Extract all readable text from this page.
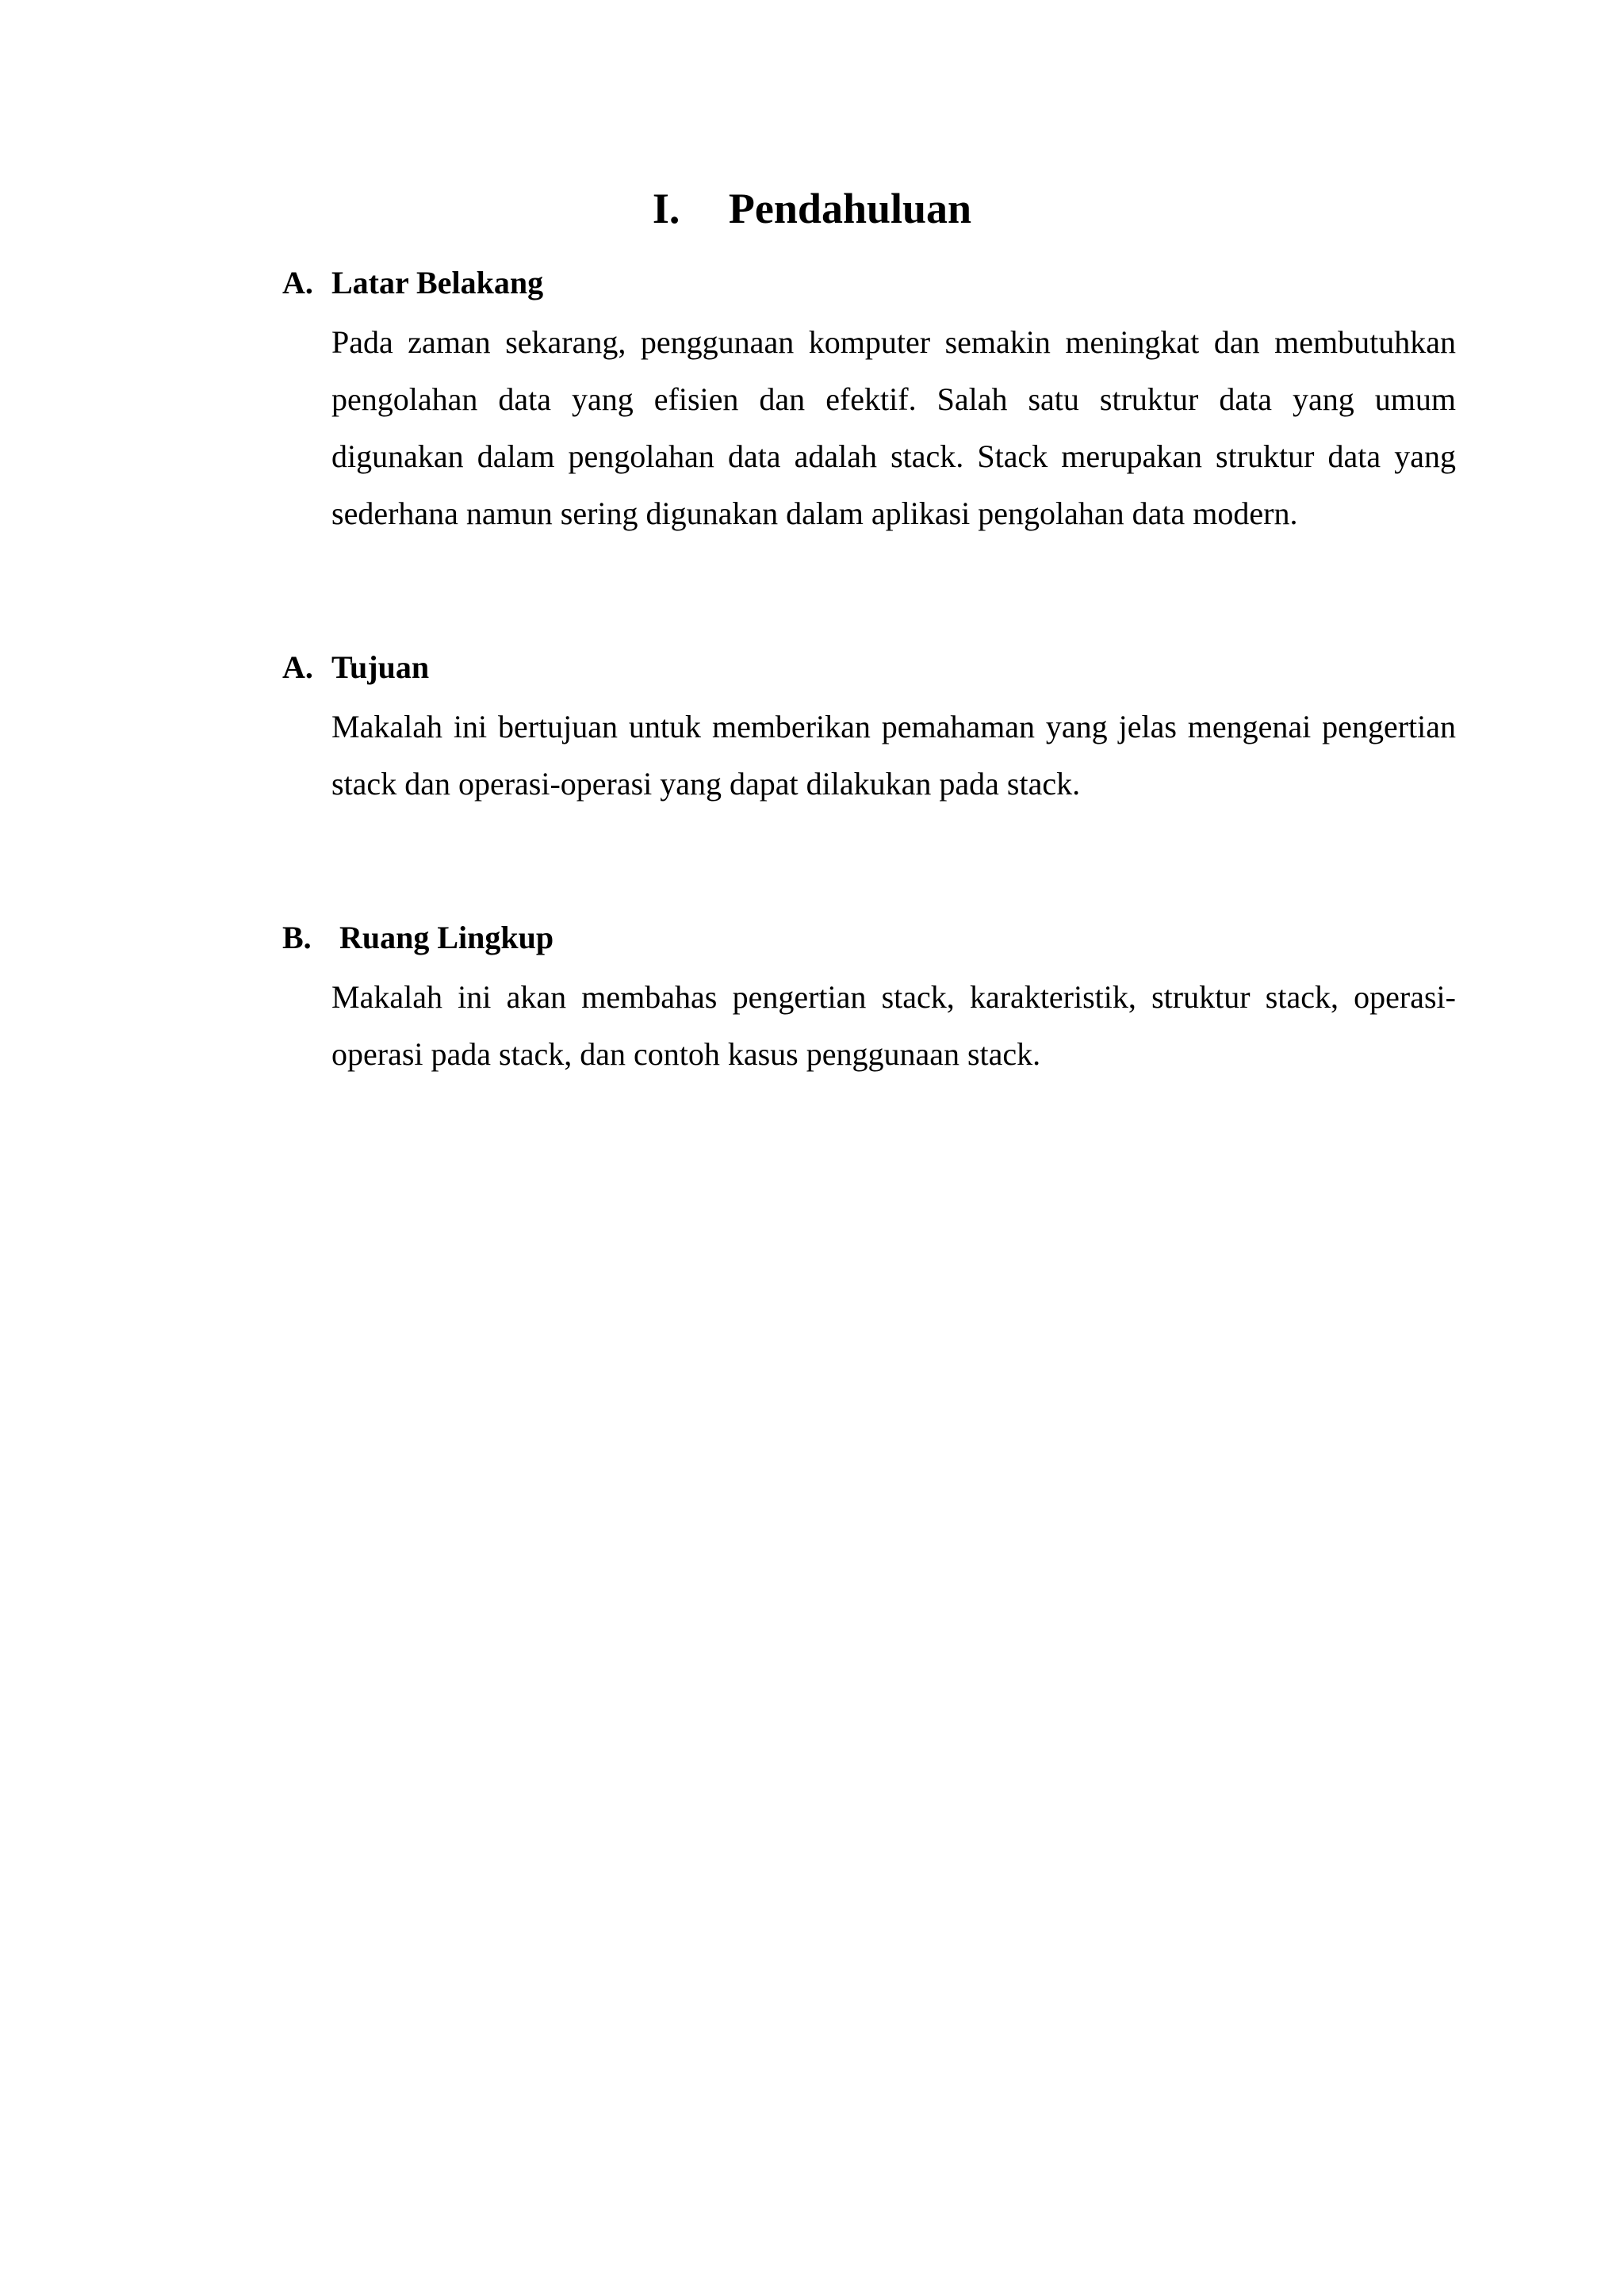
I. Pendahuluan
A. Latar Belakang
Pada zaman sekarang, penggunaan komputer semakin meningkat dan membutuhkan pengolahan data yang efisien dan efektif. Salah satu struktur data yang umum digunakan dalam pengolahan data adalah stack. Stack merupakan struktur data yang sederhana namun sering digunakan dalam aplikasi pengolahan data modern.
A. Tujuan
Makalah ini bertujuan untuk memberikan pemahaman yang jelas mengenai pengertian stack dan operasi-operasi yang dapat dilakukan pada stack.
B. Ruang Lingkup
Makalah ini akan membahas pengertian stack, karakteristik, struktur stack, operasi-operasi pada stack, dan contoh kasus penggunaan stack.
